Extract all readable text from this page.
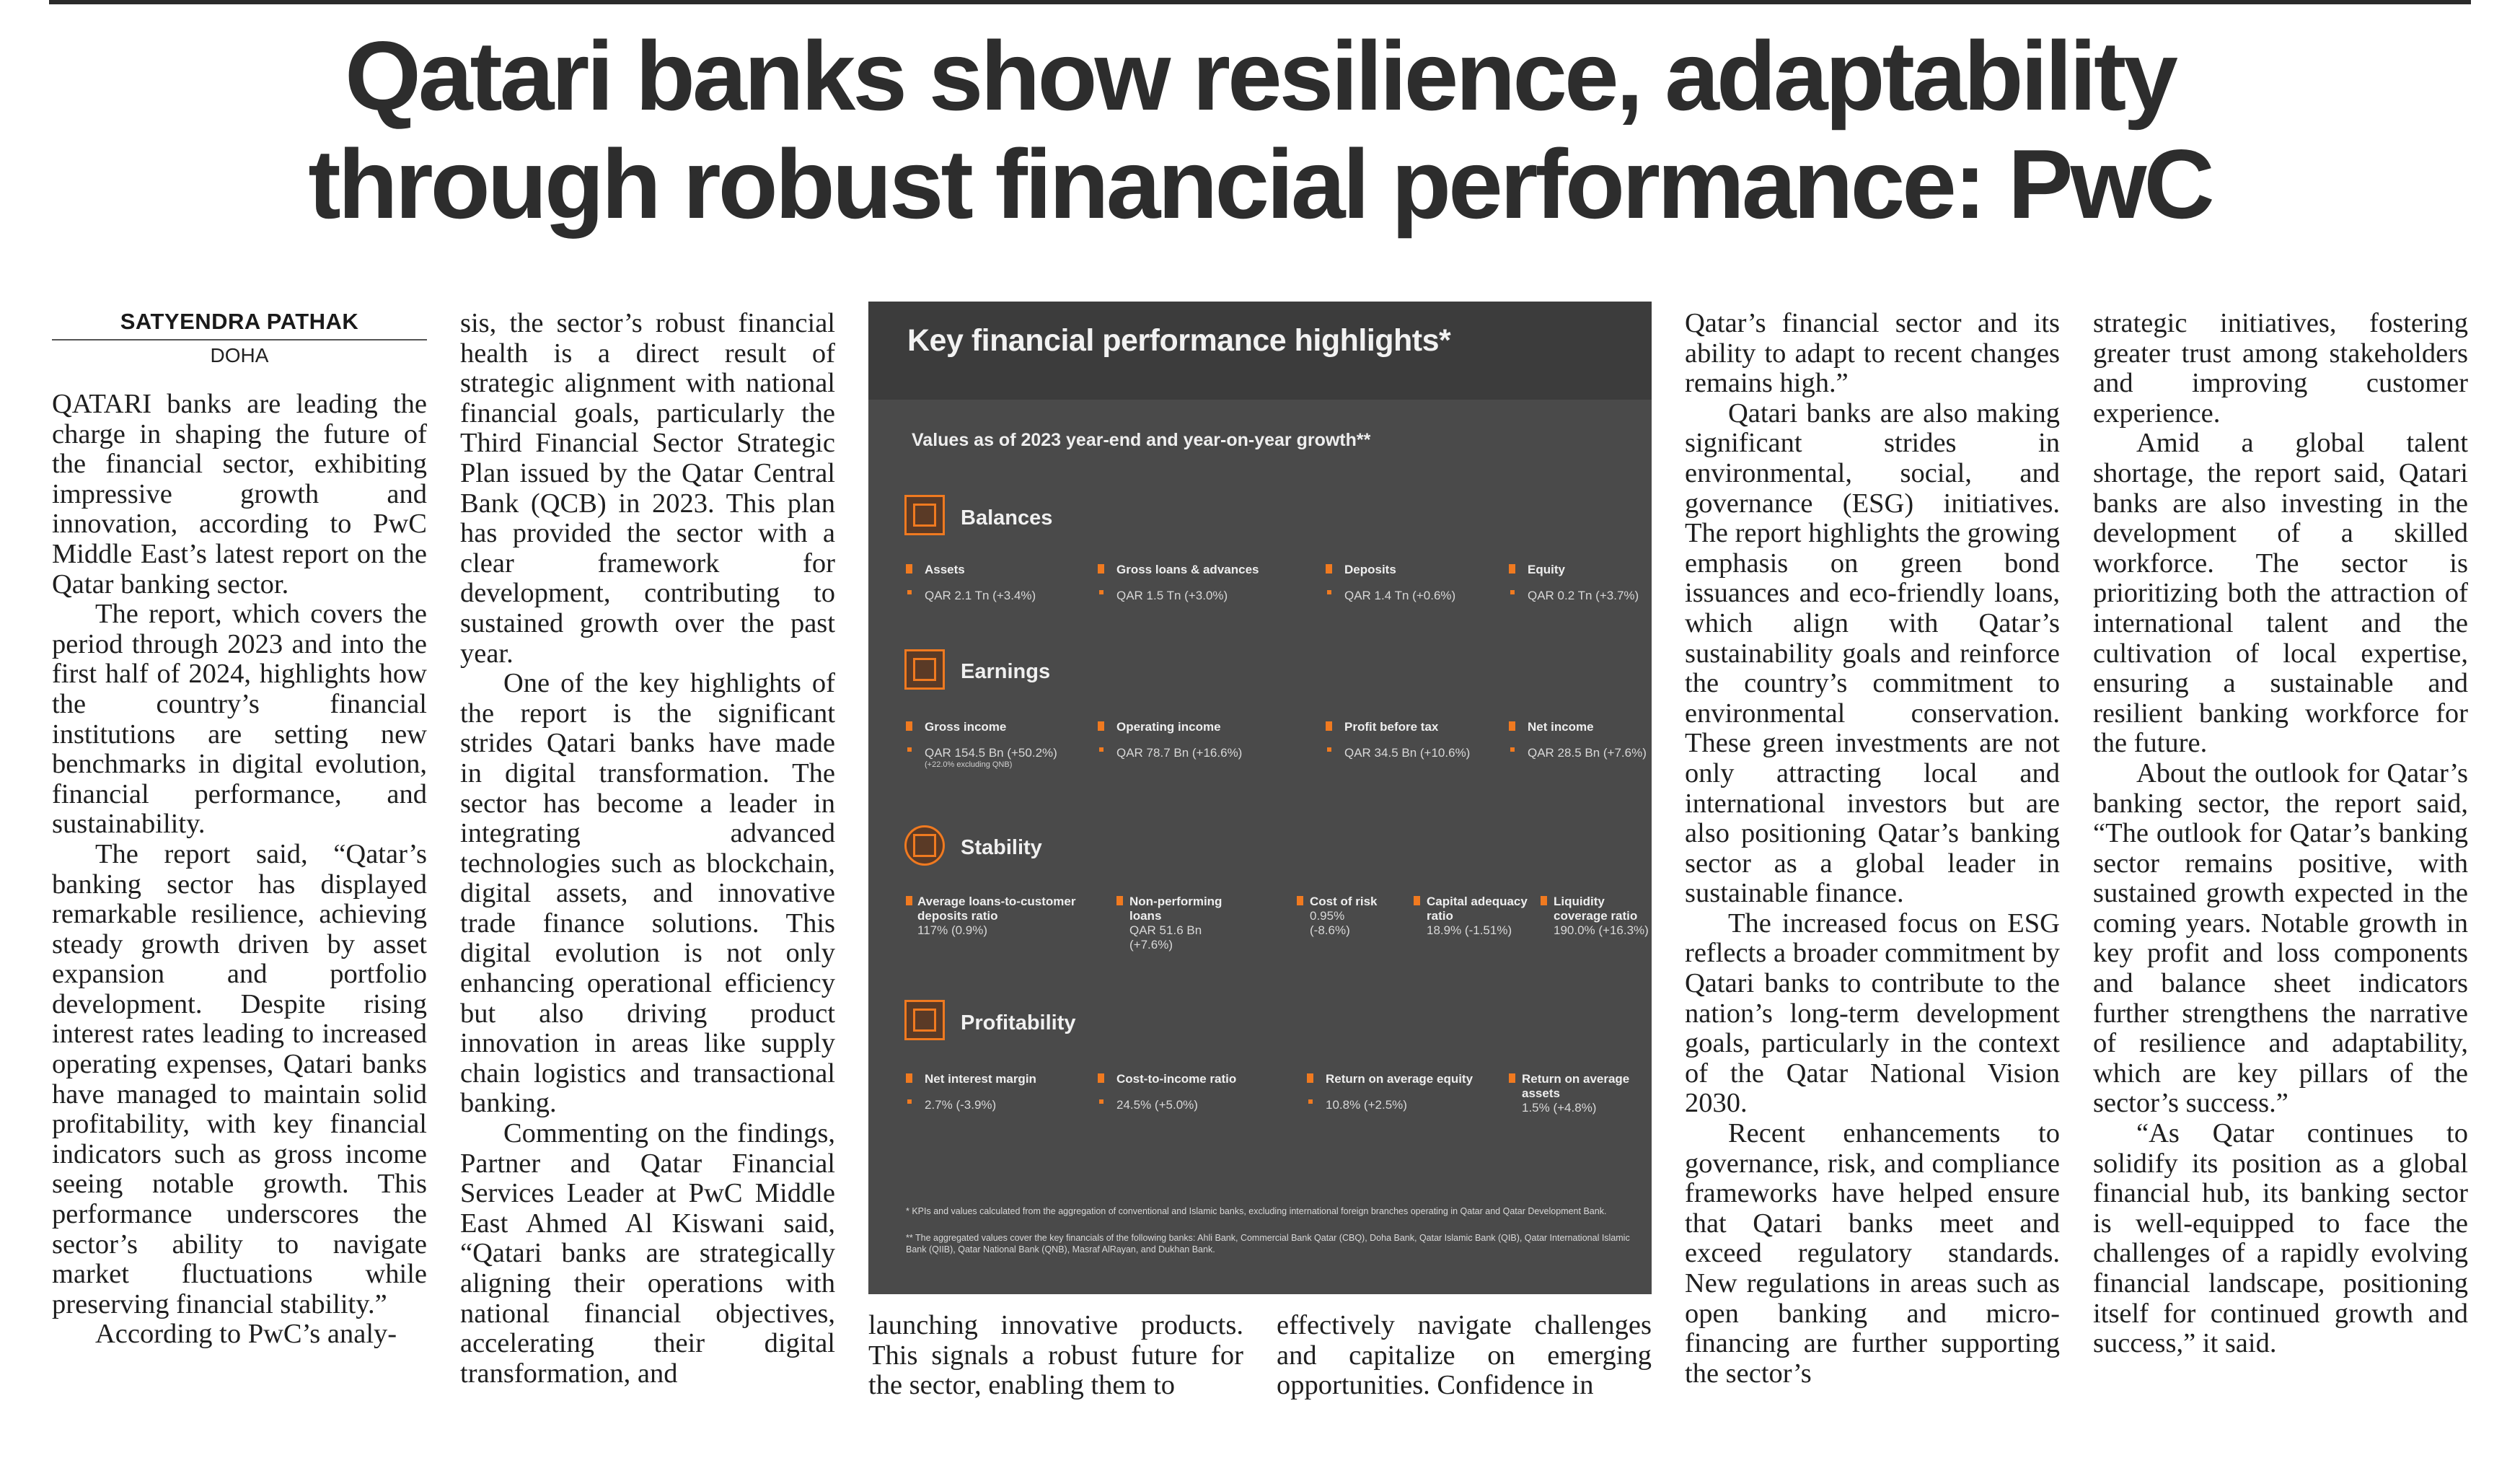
Qatari banks show resilience, adaptability
through robust financial performance: PwC
SATYENDRA PATHAK
DOHA

QATARI banks are leading the charge in shaping the future of the financial sector, exhibiting impressive growth and innovation, according to PwC Middle East’s latest report on the Qatar banking sector.

The report, which covers the period through 2023 and into the first half of 2024, highlights how the country’s financial institutions are setting new benchmarks in digital evolution, financial performance, and sustainability.

The report said, “Qatar’s banking sector has displayed remarkable resilience, achieving steady growth driven by asset expansion and portfolio development. Despite rising interest rates leading to increased operating expenses, Qatari banks have managed to maintain solid profitability, with key financial indicators such as gross income seeing notable growth. This performance underscores the sector’s ability to navigate market fluctuations while preserving financial stability.”

According to PwC’s analy-

sis, the sector’s robust financial health is a direct result of strategic alignment with national financial goals, particularly the Third Financial Sector Strategic Plan issued by the Qatar Central Bank (QCB) in 2023. This plan has provided the sector with a clear framework for development, contributing to sustained growth over the past year.

One of the key highlights of the report is the significant strides Qatari banks have made in digital transformation. The sector has become a leader in integrating advanced technologies such as blockchain, digital assets, and innovative trade finance solutions. This digital evolution is not only enhancing operational efficiency but also driving product innovation in areas like supply chain logistics and transactional banking.

Commenting on the findings, Partner and Qatar Financial Services Leader at PwC Middle East Ahmed Al Kiswani said, “Qatari banks are strategically aligning their operations with national financial objectives, accelerating their digital transformation, and

Key financial performance highlights*
Values as of 2023 year-end and year-on-year growth**
Balances
Assets
QAR 2.1 Tn (+3.4%)
Gross loans & advances
QAR 1.5 Tn (+3.0%)
Deposits
QAR 1.4 Tn (+0.6%)
Equity
QAR 0.2 Tn (+3.7%)
Earnings
Gross income
QAR 154.5 Bn (+50.2%)
(+22.0% excluding QNB)
Operating income
QAR 78.7 Bn (+16.6%)
Profit before tax
QAR 34.5 Bn (+10.6%)
Net income
QAR 28.5 Bn (+7.6%)
Stability
Average loans-to-customer deposits ratio
117% (0.9%)
Non-performing loans
QAR 51.6 Bn (+7.6%)
Cost of risk
0.95% (-8.6%)
Capital adequacy ratio
18.9% (-1.51%)
Liquidity coverage ratio
190.0% (+16.3%)
Profitability
Net interest margin
2.7% (-3.9%)
Cost-to-income ratio
24.5% (+5.0%)
Return on average equity
10.8% (+2.5%)
Return on average assets
1.5% (+4.8%)
* KPIs and values calculated from the aggregation of conventional and Islamic banks, excluding international foreign branches operating in Qatar and Qatar Development Bank.
** The aggregated values cover the key financials of the following banks: Ahli Bank, Commercial Bank Qatar (CBQ), Doha Bank, Qatar Islamic Bank (QIB), Qatar International Islamic Bank (QIIB), Qatar National Bank (QNB), Masraf AlRayan, and Dukhan Bank.

launching innovative products. This signals a robust future for the sector, enabling them to

effectively navigate challenges and capitalize on emerging opportunities. Confidence in

Qatar’s financial sector and its ability to adapt to recent changes remains high.”

Qatari banks are also making significant strides in environmental, social, and governance (ESG) initiatives. The report highlights the growing emphasis on green bond issuances and eco-friendly loans, which align with Qatar’s sustainability goals and reinforce the country’s commitment to environmental conservation. These green investments are not only attracting local and international investors but are also positioning Qatar’s banking sector as a global leader in sustainable finance.

The increased focus on ESG reflects a broader commitment by Qatari banks to contribute to the nation’s long-term development goals, particularly in the context of the Qatar National Vision 2030.

Recent enhancements to governance, risk, and compliance frameworks have helped ensure that Qatari banks meet and exceed regulatory standards. New regulations in areas such as open banking and micro-financing are further supporting the sector’s

strategic initiatives, fostering greater trust among stakeholders and improving customer experience.

Amid a global talent shortage, the report said, Qatari banks are also investing in the development of a skilled workforce. The sector is prioritizing both the attraction of international talent and the cultivation of local expertise, ensuring a sustainable and resilient banking workforce for the future.

About the outlook for Qatar’s banking sector, the report said, “The outlook for Qatar’s banking sector remains positive, with sustained growth expected in the coming years. Notable growth in key profit and loss components and balance sheet indicators further strengthens the narrative of resilience and adaptability, which are key pillars of the sector’s success.”

“As Qatar continues to solidify its position as a global financial hub, its banking sector is well-equipped to face the challenges of a rapidly evolving financial landscape, positioning itself for continued growth and success,” it said.
